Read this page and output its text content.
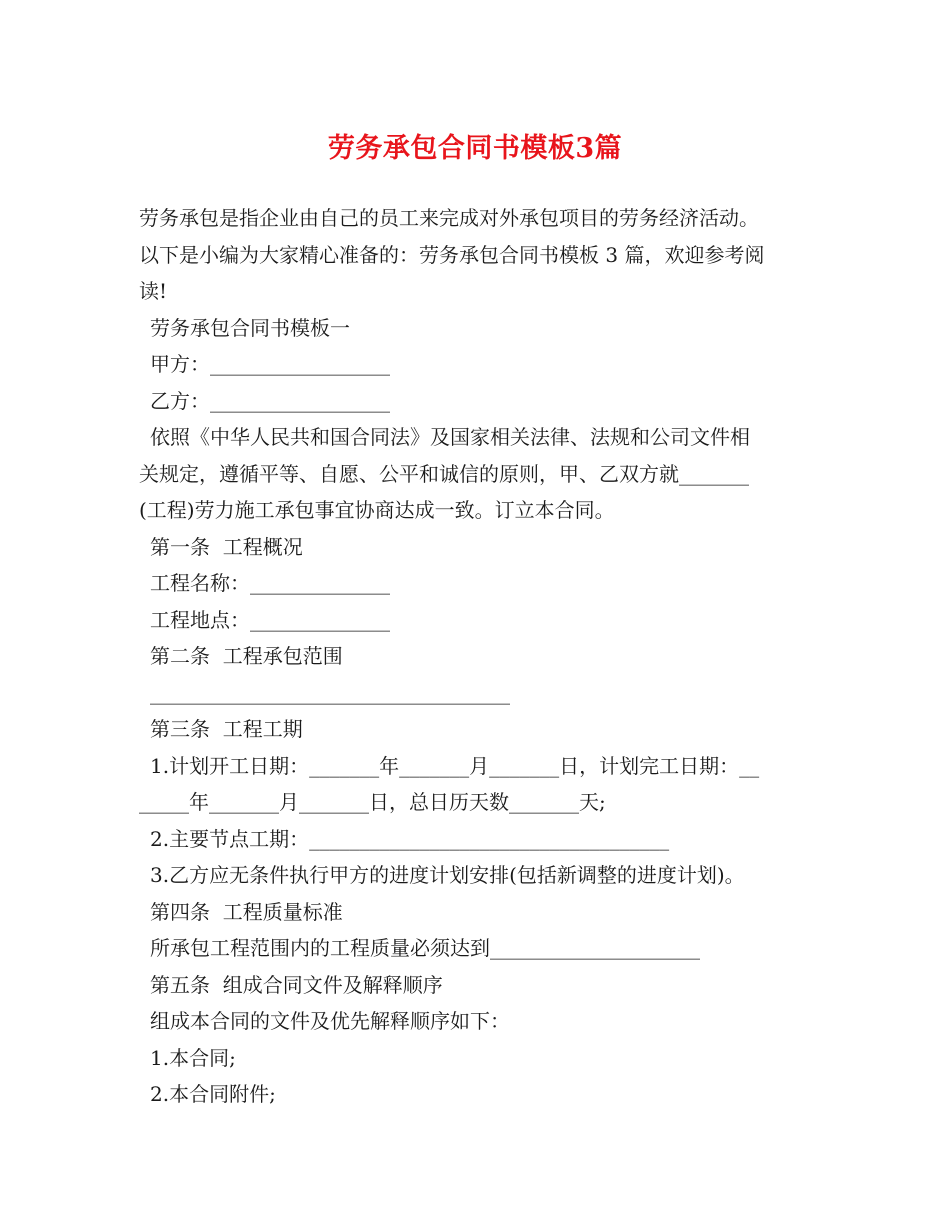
劳务承包合同书模板3篇
劳务承包是指企业由自己的员工来完成对外承包项目的劳务经济活动。
以下是小编为大家精心准备的：劳务承包合同书模板 3 篇，欢迎参考阅
读!
劳务承包合同书模板一
甲方：__________________
乙方：__________________
依照《中华人民共和国合同法》及国家相关法律、法规和公司文件相
关规定，遵循平等、自愿、公平和诚信的原则，甲、乙双方就_______
(工程)劳力施工承包事宜协商达成一致。订立本合同。
第一条  工程概况
工程名称：______________
工程地点：______________
第二条  工程承包范围
____________________________________
第三条  工程工期
1.计划开工日期：_______年_______月_______日，计划完工日期：__
_____年_______月_______日，总日历天数_______天;
2.主要节点工期：____________________________________
3.乙方应无条件执行甲方的进度计划安排(包括新调整的进度计划)。
第四条  工程质量标准
所承包工程范围内的工程质量必须达到_____________________
第五条  组成合同文件及解释顺序
组成本合同的文件及优先解释顺序如下：
1.本合同;
2.本合同附件;
